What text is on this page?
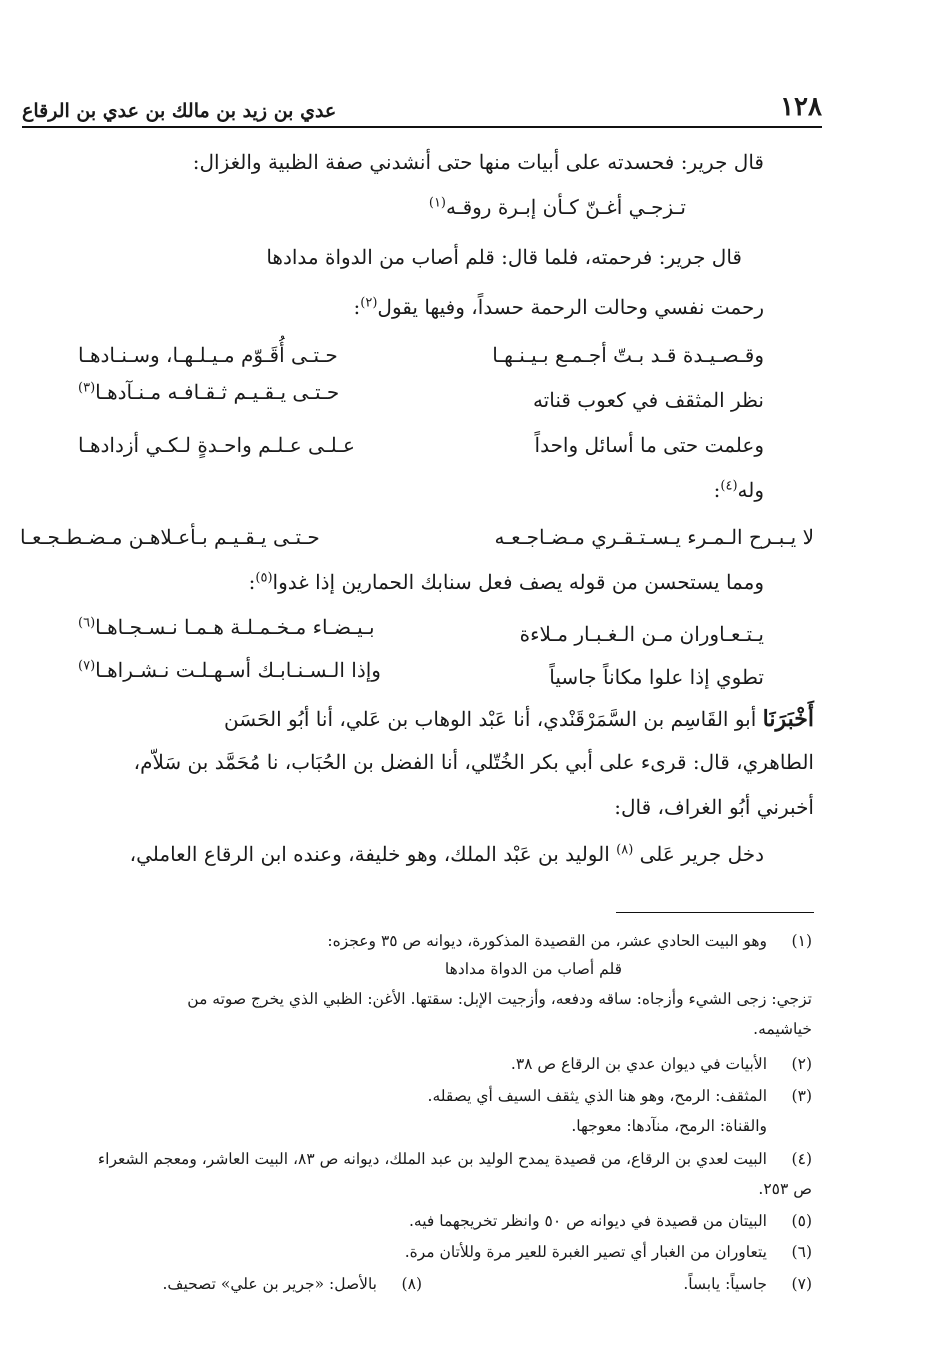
١٢٨
عدي بن زيد بن مالك بن عدي بن الرقاع
قال جرير: فحسدته على أبيات منها حتى أنشدني صفة الظبية والغزال:
تـزجـي أغـنّ كـأن إبـرة روقـه$^{(١)}$
قال جرير: فرحمته، فلما قال: قلم أصاب من الدواة مدادها
رحمت نفسي وحالت الرحمة حسداً، وفيها يقول$^{(٢)}$:
وقـصـيـدة قـد بـتّ أجـمـع بـيـنـهـا
حـتـى أُقَـوّم مـيـلـهـا، وسـنـادهـا
نظر المثقف في كعوب قناته
حـتـى يـقـيـم ثـقـافـه مـنـآدهـا$^{(٣)}$
وعلمت حتى ما أسائل واحداً
عـلـى عـلـم واحـدةٍ لـكـي أزدادهـا
وله$^{(٤)}$:
لا يـبـرح الـمـرء يـسـتـقـري مـضـاجـعـه
حـتـى يـقـيـم بـأعـلاهـن مـضـطـجـعـا
ومما يستحسن من قوله يصف فعل سنابك الحمارين إذا غدوا$^{(٥)}$:
يـتـعـاوران مـن الـغـبـار مـلاءة
بـيـضـاء مـخـمـلـة هـمـا نـسـجـاهـا$^{(٦)}$
تطوي إذا علوا مكاناً جاسياً
وإذا الـسـنـابـك أسـهـلـت نـشـراهـا$^{(٧)}$
أَخْبَرَنَا أبو القَاسِم بن السَّمَرْقَنْدي، أنا عَبْد الوهاب بن عَلي، أنا أبُو الحَسَن
الطاهري، قال: قرىء على أبي بكر الخُتّلي، أنا الفضل بن الحُبَاب، نا مُحَمَّد بن سَلاّم،
أخبرني أبُو الغراف، قال:
دخل جرير عَلى $^{(٨)}$ الوليد بن عَبْد الملك، وهو خليفة، وعنده ابن الرقاع العاملي،
(١)
وهو البيت الحادي عشر، من القصيدة المذكورة، ديوانه ص ٣٥ وعجزه:
قلم أصاب من الدواة مدادها
تزجي: زجى الشيء وأزجاه: ساقه ودفعه، وأزجيت الإبل: سقتها. الأغن: الظبي الذي يخرج صوته من
خياشيمه.
(٢)
الأبيات في ديوان عدي بن الرقاع ص ٣٨.
(٣)
المثقف: الرمح، وهو هنا الذي يثقف السيف أي يصقله.
والقناة: الرمح، منآدها: معوجها.
(٤)
البيت لعدي بن الرقاع، من قصيدة يمدح الوليد بن عبد الملك، ديوانه ص ٨٣، البيت العاشر، ومعجم الشعراء
ص ٢٥٣.
(٥)
البيتان من قصيدة في ديوانه ص ٥٠ وانظر تخريجهما فيه.
(٦)
يتعاوران من الغبار أي تصير الغبرة للعير مرة وللأتان مرة.
(٧)
جاسياً: يابساً.
(٨)
بالأصل: «جرير بن علي» تصحيف.
